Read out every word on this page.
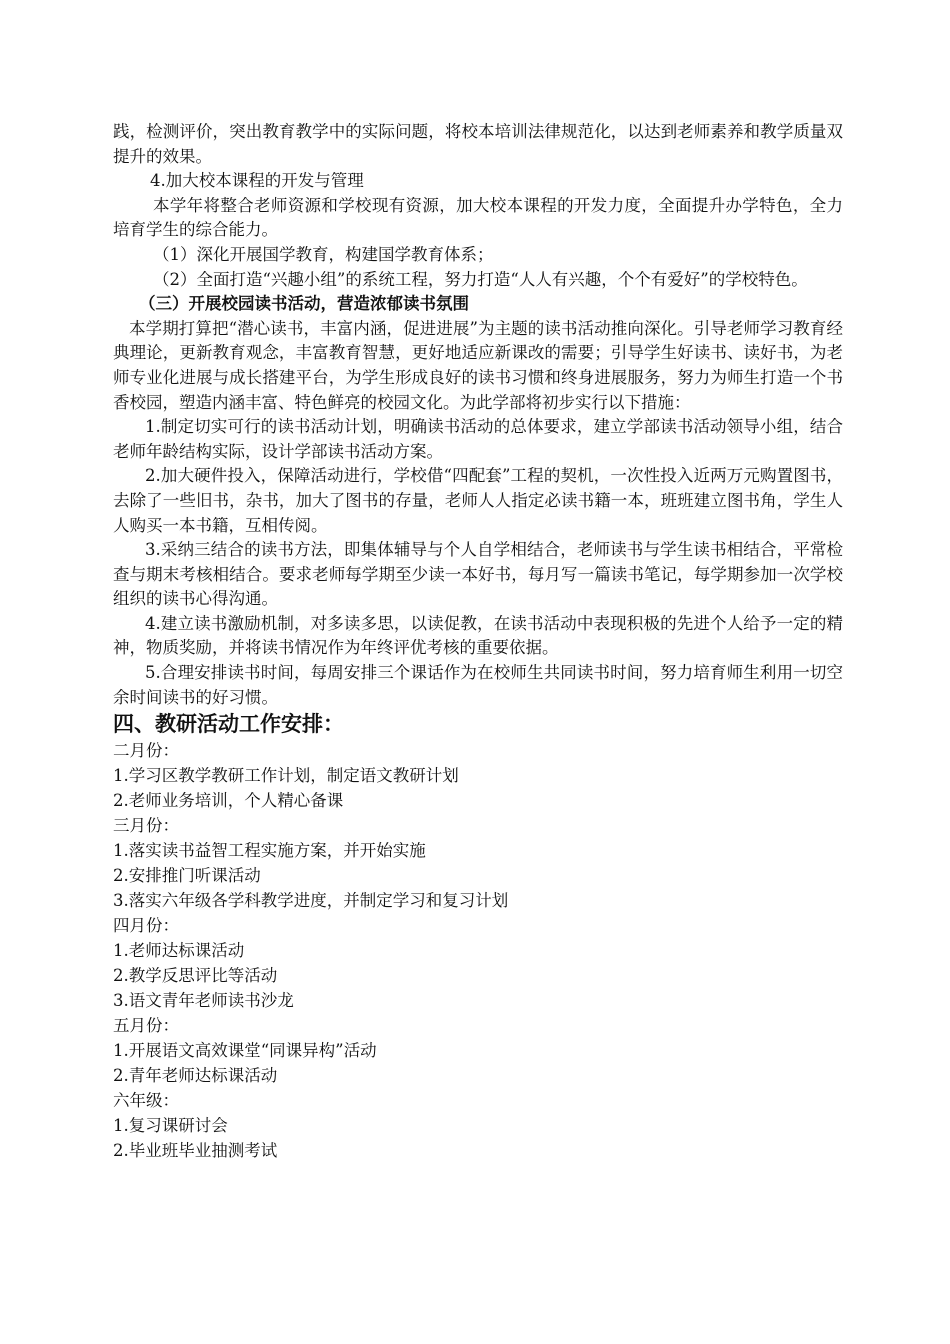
践，检测评价，突出教育教学中的实际问题，将校本培训法律规范化，以达到老师素养和教学质量双提升的效果。

4.加大校本课程的开发与管理

本学年将整合老师资源和学校现有资源，加大校本课程的开发力度，全面提升办学特色，全力培育学生的综合能力。

（1）深化开展国学教育，构建国学教育体系；

（2）全面打造“兴趣小组”的系统工程，努力打造“人人有兴趣，个个有爱好”的学校特色。

（三）开展校园读书活动，营造浓郁读书氛围

本学期打算把“潜心读书，丰富内涵，促进进展”为主题的读书活动推向深化。引导老师学习教育经典理论，更新教育观念，丰富教育智慧，更好地适应新课改的需要；引导学生好读书、读好书，为老师专业化进展与成长搭建平台，为学生形成良好的读书习惯和终身进展服务，努力为师生打造一个书香校园，塑造内涵丰富、特色鲜亮的校园文化。为此学部将初步实行以下措施：

1.制定切实可行的读书活动计划，明确读书活动的总体要求，建立学部读书活动领导小组，结合老师年龄结构实际，设计学部读书活动方案。

2.加大硬件投入，保障活动进行，学校借“四配套”工程的契机，一次性投入近两万元购置图书，去除了一些旧书，杂书，加大了图书的存量，老师人人指定必读书籍一本，班班建立图书角，学生人人购买一本书籍，互相传阅。

3.采纳三结合的读书方法，即集体辅导与个人自学相结合，老师读书与学生读书相结合，平常检查与期末考核相结合。要求老师每学期至少读一本好书，每月写一篇读书笔记，每学期参加一次学校组织的读书心得沟通。

4.建立读书激励机制，对多读多思，以读促教，在读书活动中表现积极的先进个人给予一定的精神，物质奖励，并将读书情况作为年终评优考核的重要依据。

5.合理安排读书时间，每周安排三个课话作为在校师生共同读书时间，努力培育师生利用一切空余时间读书的好习惯。

四、教研活动工作安排：

二月份：

1.学习区教学教研工作计划，制定语文教研计划

2.老师业务培训，个人精心备课

三月份：

1.落实读书益智工程实施方案，并开始实施

2.安排推门听课活动

3.落实六年级各学科教学进度，并制定学习和复习计划

四月份：

1.老师达标课活动

2.教学反思评比等活动

3.语文青年老师读书沙龙

五月份：

1.开展语文高效课堂“同课异构”活动

2.青年老师达标课活动

六年级：

1.复习课研讨会

2.毕业班毕业抽测考试
